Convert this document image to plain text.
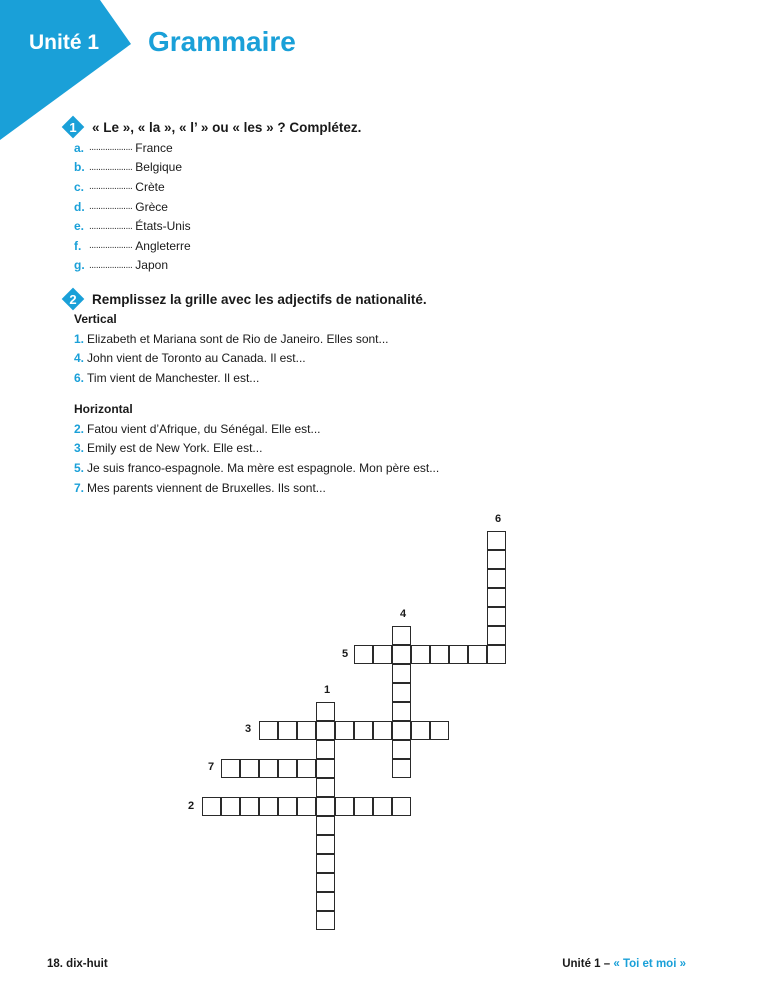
Unité 1 Grammaire
1	« Le », « la », « l’ » ou « les » ? Complétez.
a. ................... France
b. ................... Belgique
c. ................... Crète
d. ................... Grèce
e. ................... États-Unis
f. ................... Angleterre
g. ................... Japon
2	Remplissez la grille avec les adjectifs de nationalité.
Vertical
1. Elizabeth et Mariana sont de Rio de Janeiro. Elles sont...
4. John vient de Toronto au Canada. Il est...
6. Tim vient de Manchester. Il est...
Horizontal
2. Fatou vient d’Afrique, du Sénégal. Elle est...
3. Emily est de New York. Elle est...
5. Je suis franco-espagnole. Ma mère est espagnole. Mon père est...
7. Mes parents viennent de Bruxelles. Ils sont...
1
2
3
4
5
6
7
18. dix-huit	Unité 1 – « Toi et moi »
